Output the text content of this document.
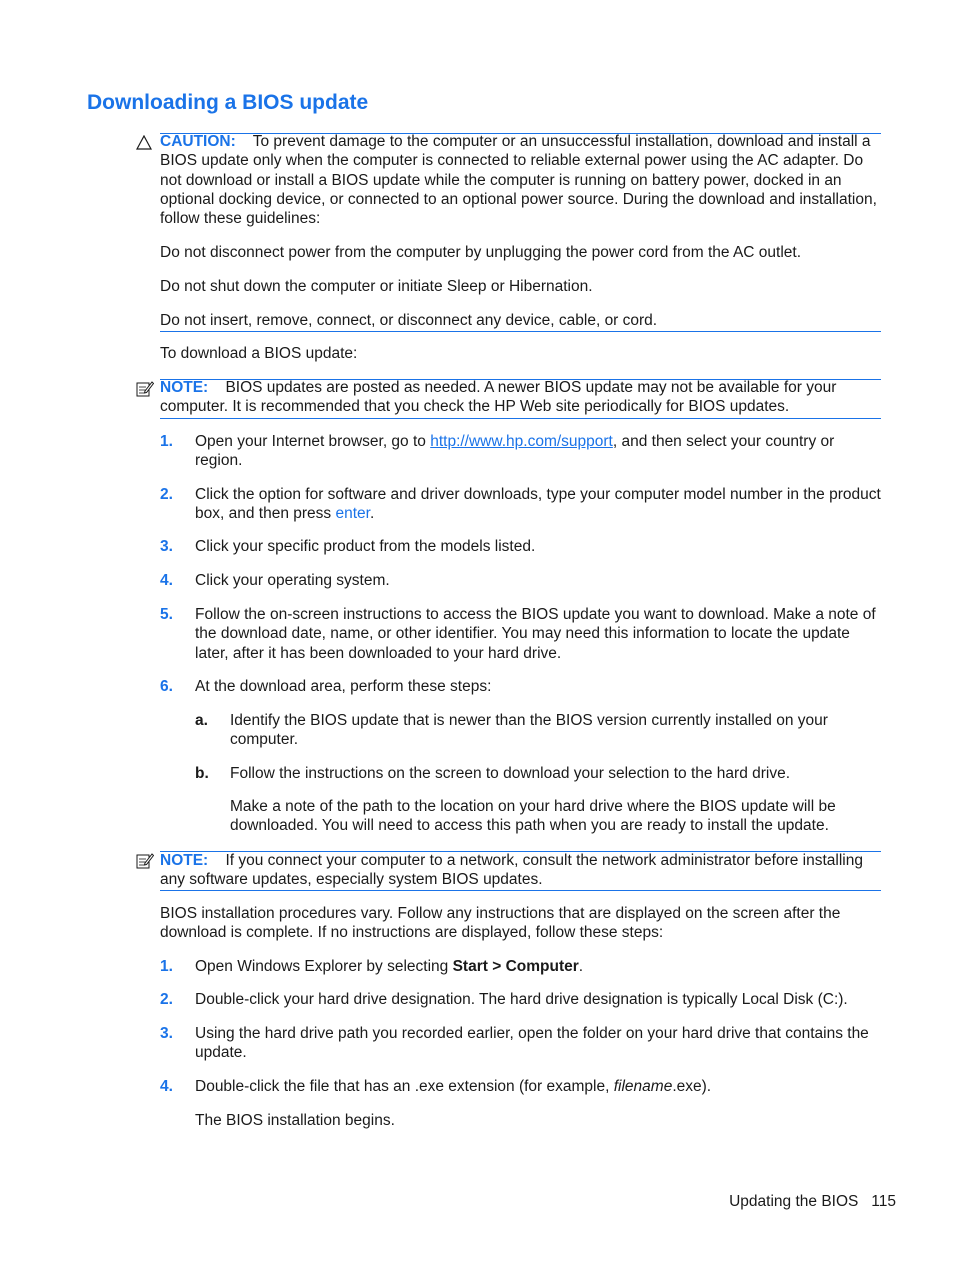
Downloading a BIOS update
CAUTION: To prevent damage to the computer or an unsuccessful installation, download and install a BIOS update only when the computer is connected to reliable external power using the AC adapter. Do not download or install a BIOS update while the computer is running on battery power, docked in an optional docking device, or connected to an optional power source. During the download and installation, follow these guidelines:
Do not disconnect power from the computer by unplugging the power cord from the AC outlet.
Do not shut down the computer or initiate Sleep or Hibernation.
Do not insert, remove, connect, or disconnect any device, cable, or cord.
To download a BIOS update:
NOTE: BIOS updates are posted as needed. A newer BIOS update may not be available for your computer. It is recommended that you check the HP Web site periodically for BIOS updates.
1. Open your Internet browser, go to http://www.hp.com/support, and then select your country or region.
2. Click the option for software and driver downloads, type your computer model number in the product box, and then press enter.
3. Click your specific product from the models listed.
4. Click your operating system.
5. Follow the on-screen instructions to access the BIOS update you want to download. Make a note of the download date, name, or other identifier. You may need this information to locate the update later, after it has been downloaded to your hard drive.
6. At the download area, perform these steps:
a. Identify the BIOS update that is newer than the BIOS version currently installed on your computer.
b. Follow the instructions on the screen to download your selection to the hard drive.
Make a note of the path to the location on your hard drive where the BIOS update will be downloaded. You will need to access this path when you are ready to install the update.
NOTE: If you connect your computer to a network, consult the network administrator before installing any software updates, especially system BIOS updates.
BIOS installation procedures vary. Follow any instructions that are displayed on the screen after the download is complete. If no instructions are displayed, follow these steps:
1. Open Windows Explorer by selecting Start > Computer.
2. Double-click your hard drive designation. The hard drive designation is typically Local Disk (C:).
3. Using the hard drive path you recorded earlier, open the folder on your hard drive that contains the update.
4. Double-click the file that has an .exe extension (for example, filename.exe).
The BIOS installation begins.
Updating the BIOS 115
